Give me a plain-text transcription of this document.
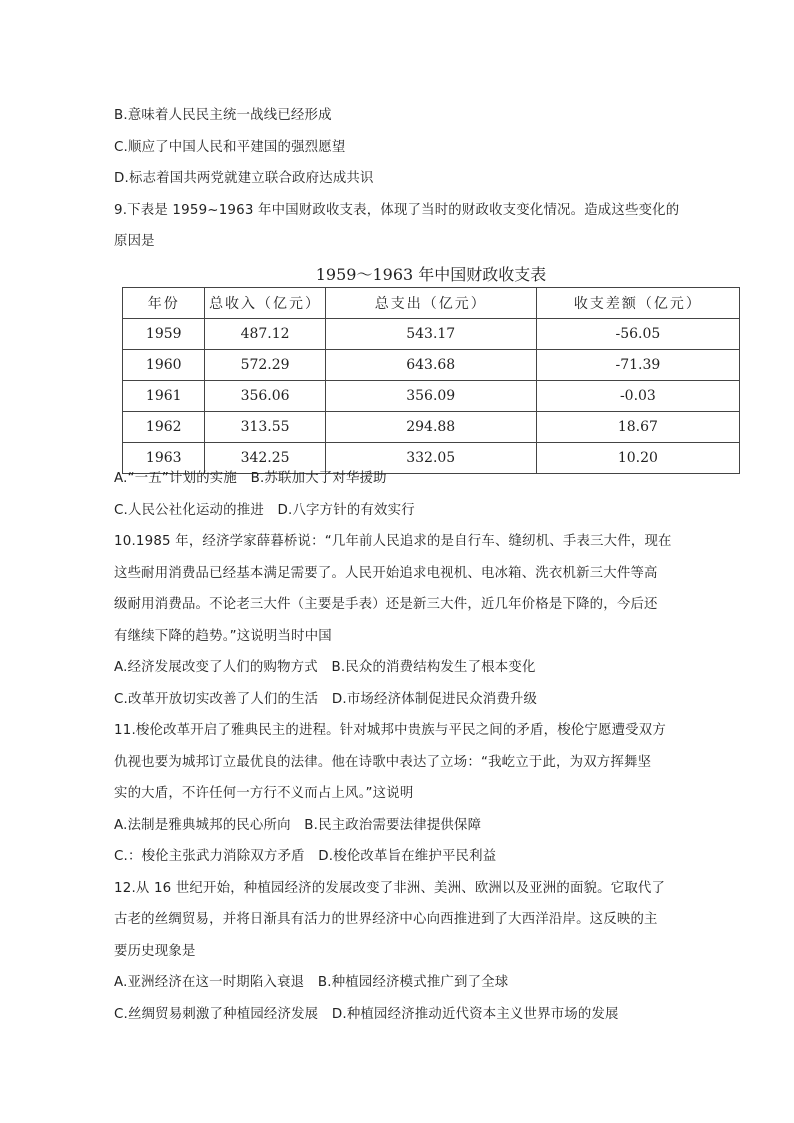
B.意味着人民民主统一战线已经形成
C.顺应了中国人民和平建国的强烈愿望
D.标志着国共两党就建立联合政府达成共识
9.下表是 1959~1963 年中国财政收支表，体现了当时的财政收支变化情况。造成这些变化的
原因是
1959～1963 年中国财政收支表
年份	总收入（亿元）	总支出（亿元）	收支差额（亿元）
1959	487.12	543.17	-56.05
1960	572.29	643.68	-71.39
1961	356.06	356.09	-0.03
1962	313.55	294.88	18.67
1963	342.25	332.05	10.20
A.“一五”计划的实施　B.苏联加大了对华援助
C.人民公社化运动的推进　D.八字方针的有效实行
10.1985 年，经济学家薛暮桥说：“几年前人民追求的是自行车、缝纫机、手表三大件，现在
这些耐用消费品已经基本满足需要了。人民开始追求电视机、电冰箱、洗衣机新三大件等高
级耐用消费品。不论老三大件（主要是手表）还是新三大件，近几年价格是下降的，今后还
有继续下降的趋势。”这说明当时中国
A.经济发展改变了人们的购物方式　B.民众的消费结构发生了根本变化
C.改革开放切实改善了人们的生活　D.市场经济体制促进民众消费升级
11.梭伦改革开启了雅典民主的进程。针对城邦中贵族与平民之间的矛盾，梭伦宁愿遭受双方
仇视也要为城邦订立最优良的法律。他在诗歌中表达了立场：“我屹立于此，为双方挥舞坚
实的大盾，不许任何一方行不义而占上风。”这说明
A.法制是雅典城邦的民心所向　B.民主政治需要法律提供保障
C.：梭伦主张武力消除双方矛盾　D.梭伦改革旨在维护平民利益
12.从 16 世纪开始，种植园经济的发展改变了非洲、美洲、欧洲以及亚洲的面貌。它取代了
古老的丝绸贸易，并将日渐具有活力的世界经济中心向西推进到了大西洋沿岸。这反映的主
要历史现象是
A.亚洲经济在这一时期陷入衰退　B.种植园经济模式推广到了全球
C.丝绸贸易刺激了种植园经济发展　D.种植园经济推动近代资本主义世界市场的发展
